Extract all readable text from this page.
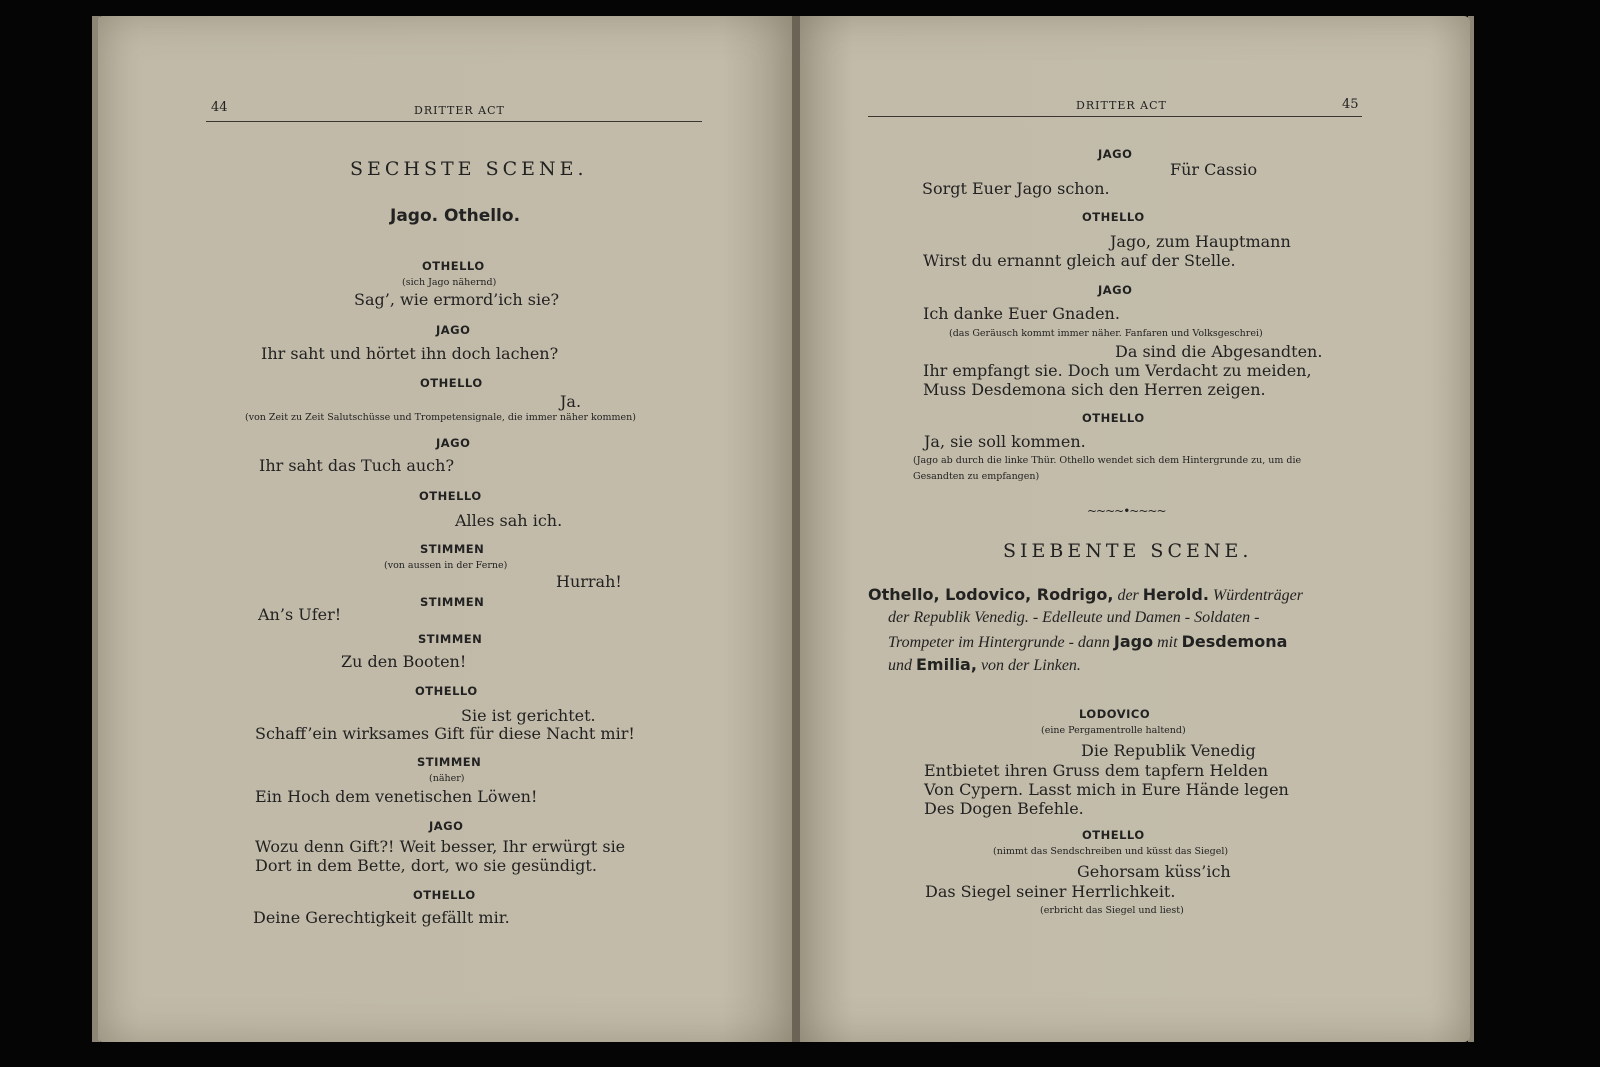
44	DRITTER ACT
SECHSTE SCENE.
Jago. Othello.
OTHELLO
(sich Jago nähernd)
Sag’, wie ermord’ich sie?
JAGO
Ihr saht und hörtet ihn doch lachen?
OTHELLO
Ja.
(von Zeit zu Zeit Salutschüsse und Trompetensignale, die immer näher kommen)
JAGO
Ihr saht das Tuch auch?
OTHELLO
Alles sah ich.
STIMMEN
(von aussen in der Ferne)
Hurrah!
STIMMEN
An’s Ufer!
STIMMEN
Zu den Booten!
OTHELLO
Sie ist gerichtet.
Schaff’ein wirksames Gift für diese Nacht mir!
STIMMEN
(näher)
Ein Hoch dem venetischen Löwen!
JAGO
Wozu denn Gift?! Weit besser, Ihr erwürgt sie
Dort in dem Bette, dort, wo sie gesündigt.
OTHELLO
Deine Gerechtigkeit gefällt mir.
DRITTER ACT	45
JAGO
Für Cassio
Sorgt Euer Jago schon.
OTHELLO
Jago, zum Hauptmann
Wirst du ernannt gleich auf der Stelle.
JAGO
Ich danke Euer Gnaden.
(das Geräusch kommt immer näher. Fanfaren und Volksgeschrei)
Da sind die Abgesandten.
Ihr empfangt sie. Doch um Verdacht zu meiden,
Muss Desdemona sich den Herren zeigen.
OTHELLO
Ja, sie soll kommen.
(Jago ab durch die linke Thür. Othello wendet sich dem Hintergrunde zu, um die
Gesandten zu empfangen)
~~~~•~~~~
SIEBENTE SCENE.
Othello, Lodovico, Rodrigo, der Herold. Würdenträger
der Republik Venedig. - Edelleute und Damen - Soldaten -
Trompeter im Hintergrunde - dann Jago mit Desdemona
und Emilia, von der Linken.
LODOVICO
(eine Pergamentrolle haltend)
Die Republik Venedig
Entbietet ihren Gruss dem tapfern Helden
Von Cypern. Lasst mich in Eure Hände legen
Des Dogen Befehle.
OTHELLO
(nimmt das Sendschreiben und küsst das Siegel)
Gehorsam küss’ich
Das Siegel seiner Herrlichkeit.
(erbricht das Siegel und liest)
